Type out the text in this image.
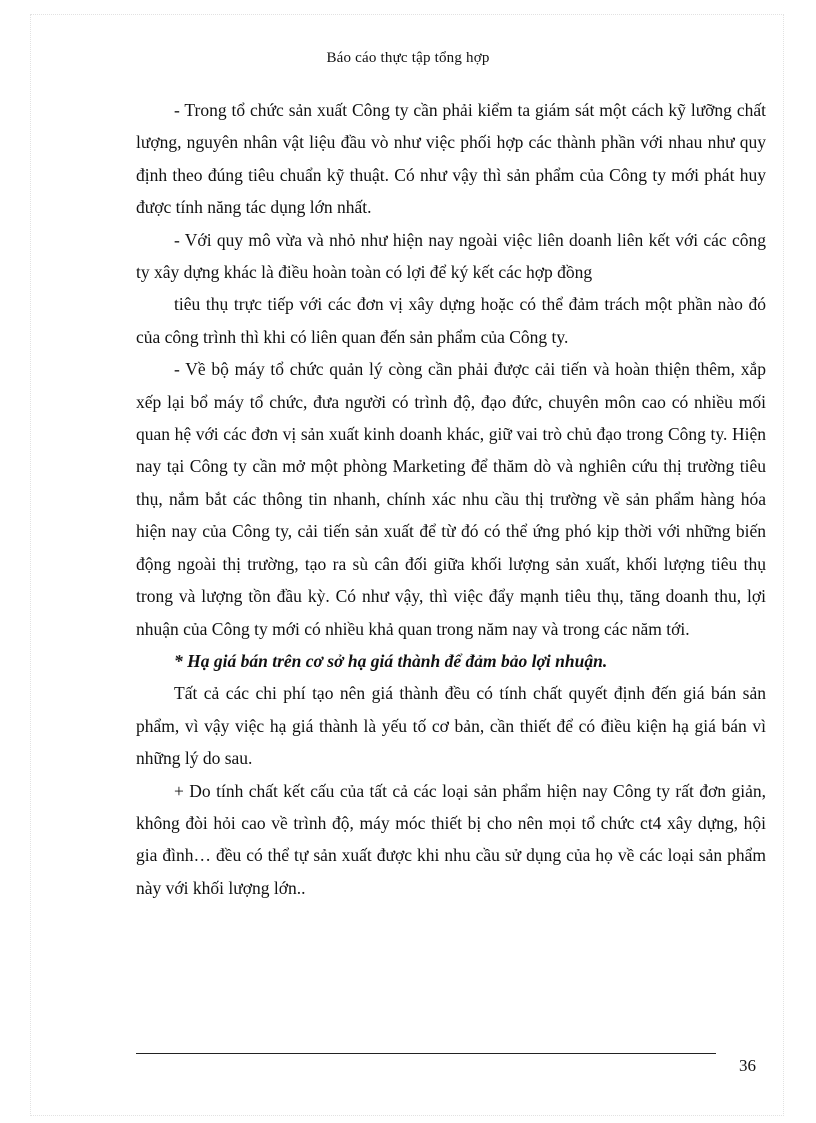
Báo cáo thực tập tổng hợp

- Trong tổ chức sản xuất Công ty cần phải kiểm ta giám sát một cách kỹ lưỡng chất lượng, nguyên nhân vật liệu đầu vò như việc phối hợp các thành phần với nhau như quy định theo đúng tiêu chuẩn kỹ thuật. Có như vậy thì sản phẩm của Công ty mới phát huy được tính năng tác dụng lớn nhất.

- Với quy mô vừa và nhỏ như hiện nay ngoài việc liên doanh liên kết với các công ty xây dựng khác là điều hoàn toàn có lợi để ký kết các hợp đồng

tiêu thụ trực tiếp với các đơn vị xây dựng hoặc có thể đảm trách một phần nào đó của công trình thì khi có liên quan đến sản phẩm của Công ty.

- Về bộ máy tổ chức quản lý còng cần phải được cải tiến và hoàn thiện thêm, xắp xếp lại bổ máy tổ chức, đưa người có trình độ, đạo đức, chuyên môn cao có nhiều mối quan hệ với các đơn vị sản xuất kinh doanh khác, giữ vai trò chủ đạo trong Công ty. Hiện nay tại Công ty cần mở một phòng Marketing để thăm dò và nghiên cứu thị trường tiêu thụ, nắm bắt các thông tin nhanh, chính xác nhu cầu thị trường về sản phẩm hàng hóa hiện nay của Công ty, cải tiến sản xuất để từ đó có thể ứng phó kịp thời với những biến động ngoài thị trường, tạo ra sù cân đối giữa khối lượng sản xuất, khối lượng tiêu thụ trong và lượng tồn đầu kỳ. Có như vậy, thì việc đẩy mạnh tiêu thụ, tăng doanh thu, lợi nhuận của Công ty mới có nhiều khả quan trong năm nay và trong các năm tới.

* Hạ giá bán trên cơ sở hạ giá thành để đảm bảo lợi nhuận.

Tất cả các chi phí tạo nên giá thành đều có tính chất quyết định đến giá bán sản phẩm, vì vậy việc hạ giá thành là yếu tố cơ bản, cần thiết để có điều kiện hạ giá bán vì những lý do sau.

+ Do tính chất kết cấu của tất cả các loại sản phẩm hiện nay Công ty rất đơn giản, không đòi hỏi cao về trình độ, máy móc thiết bị cho nên mọi tổ chức ct4 xây dựng, hội gia đình… đều có thể tự sản xuất được khi nhu cầu sử dụng của họ về các loại sản phẩm này với khối lượng lớn..

36
